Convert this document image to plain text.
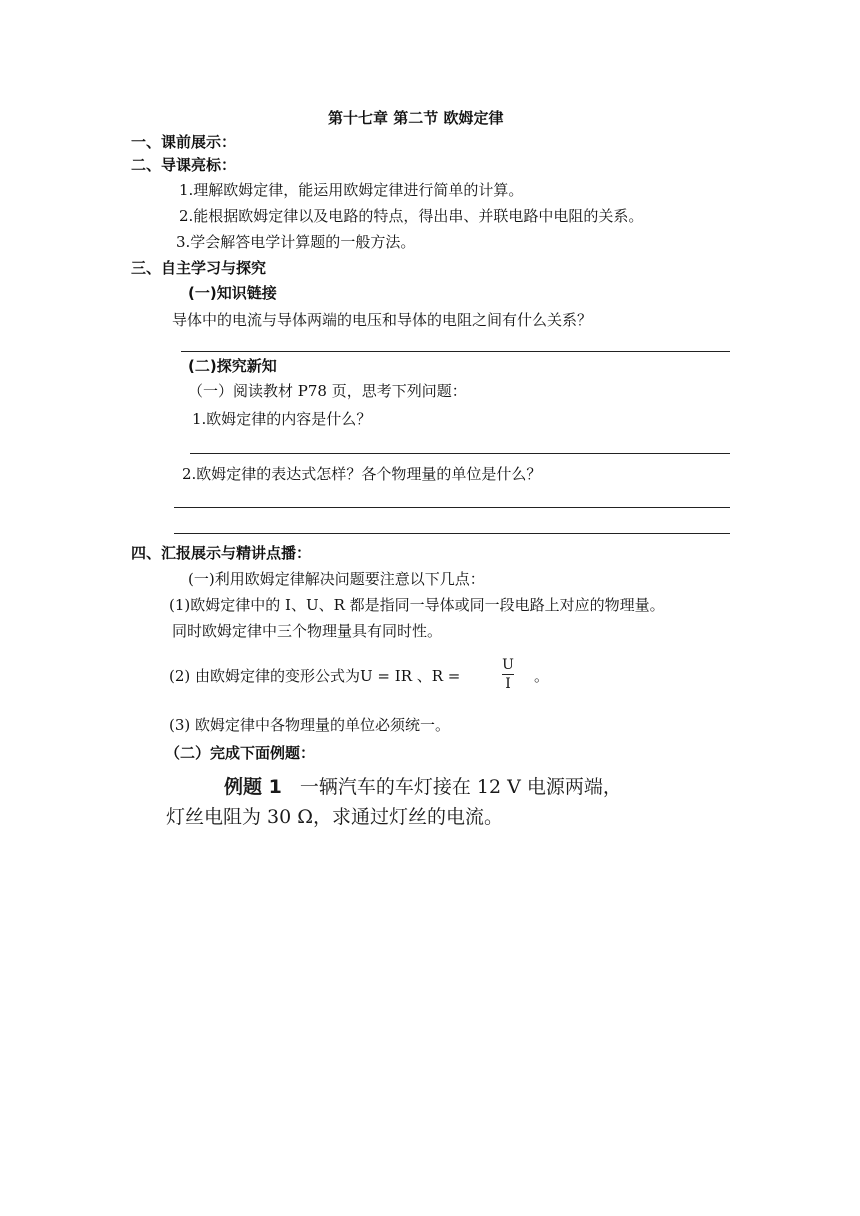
第十七章 第二节 欧姆定律
一、课前展示：
二、导课亮标：
1.理解欧姆定律，能运用欧姆定律进行简单的计算。
2.能根据欧姆定律以及电路的特点，得出串、并联电路中电阻的关系。
3.学会解答电学计算题的一般方法。
三、自主学习与探究
(一)知识链接
导体中的电流与导体两端的电压和导体的电阻之间有什么关系？
(二)探究新知
（一）阅读教材 P78 页，思考下列问题：
1.欧姆定律的内容是什么？
2.欧姆定律的表达式怎样？各个物理量的单位是什么？
四、汇报展示与精讲点播：
(一)利用欧姆定律解决问题要注意以下几点：
(1)欧姆定律中的 I、U、R 都是指同一导体或同一段电路上对应的物理量。
同时欧姆定律中三个物理量具有同时性。
(2) 由欧姆定律的变形公式为U = IR 、R =
U
I	。
(3) 欧姆定律中各物理量的单位必须统一。
（二）完成下面例题：
例题 1 一辆汽车的车灯接在 12 V 电源两端，
灯丝电阻为 30 Ω，求通过灯丝的电流。
